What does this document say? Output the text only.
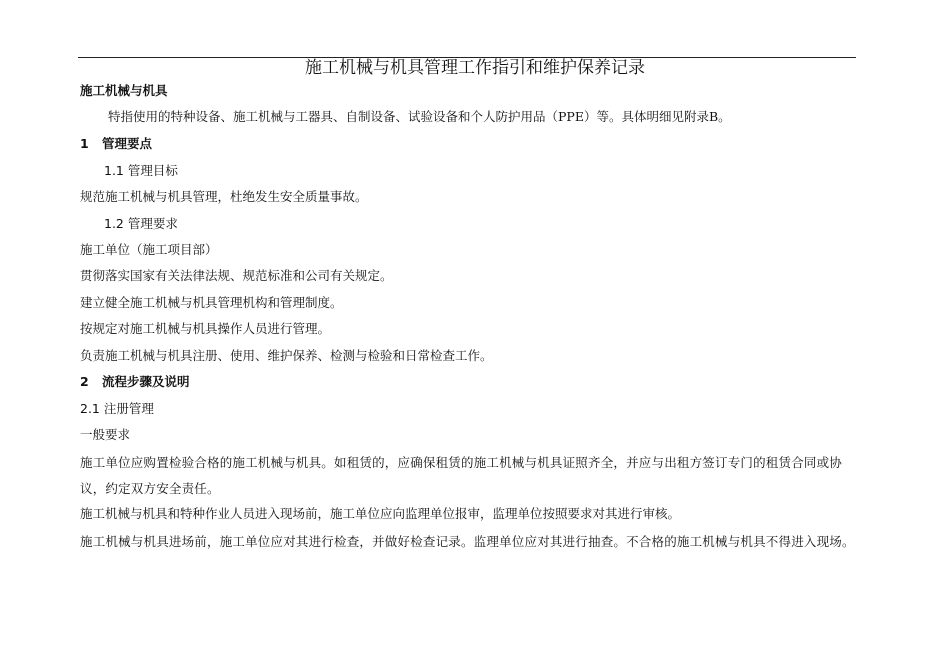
施工机械与机具管理工作指引和维护保养记录
施工机械与机具
特指使用的特种设备、施工机械与工器具、自制设备、试验设备和个人防护用品（PPE）等。具体明细见附录B。
1 管理要点
1.1 管理目标
规范施工机械与机具管理，杜绝发生安全质量事故。
1.2 管理要求
施工单位（施工项目部）
贯彻落实国家有关法律法规、规范标准和公司有关规定。
建立健全施工机械与机具管理机构和管理制度。
按规定对施工机械与机具操作人员进行管理。
负责施工机械与机具注册、使用、维护保养、检测与检验和日常检查工作。
2 流程步骤及说明
2.1 注册管理
一般要求
施工单位应购置检验合格的施工机械与机具。如租赁的，应确保租赁的施工机械与机具证照齐全，并应与出租方签订专门的租赁合同或协议，约定双方安全责任。
施工机械与机具和特种作业人员进入现场前，施工单位应向监理单位报审，监理单位按照要求对其进行审核。
施工机械与机具进场前，施工单位应对其进行检查，并做好检查记录。监理单位应对其进行抽查。不合格的施工机械与机具不得进入现场。
